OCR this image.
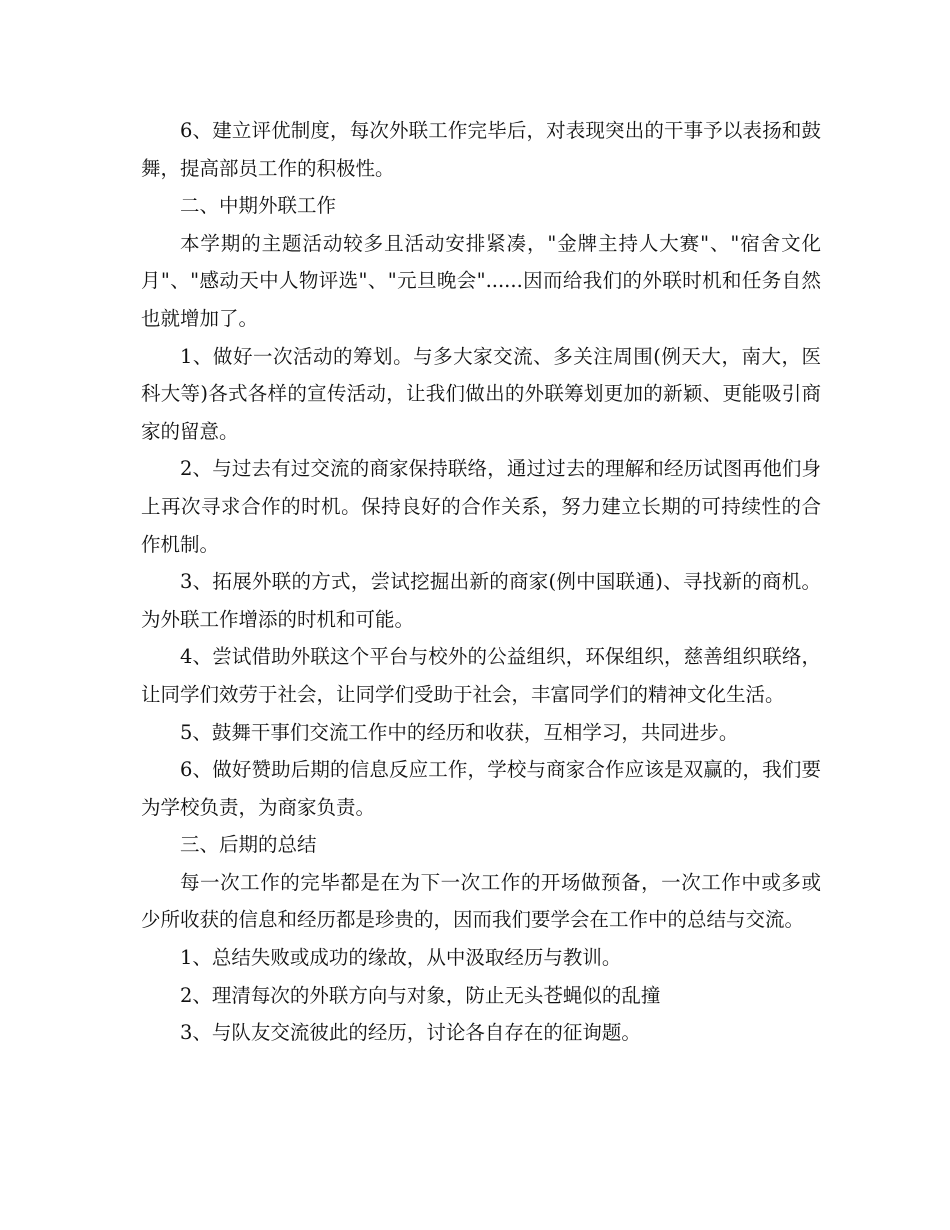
6、建立评优制度，每次外联工作完毕后，对表现突出的干事予以表扬和鼓舞，提高部员工作的积极性。

二、中期外联工作

本学期的主题活动较多且活动安排紧凑，"金牌主持人大赛"、"宿舍文化月"、"感动天中人物评选"、"元旦晚会"......因而给我们的外联时机和任务自然也就增加了。

1、做好一次活动的筹划。与多大家交流、多关注周围(例天大，南大，医科大等)各式各样的宣传活动，让我们做出的外联筹划更加的新颖、更能吸引商家的留意。

2、与过去有过交流的商家保持联络，通过过去的理解和经历试图再他们身上再次寻求合作的时机。保持良好的合作关系，努力建立长期的可持续性的合作机制。

3、拓展外联的方式，尝试挖掘出新的商家(例中国联通)、寻找新的商机。为外联工作增添的时机和可能。

4、尝试借助外联这个平台与校外的公益组织，环保组织，慈善组织联络，让同学们效劳于社会，让同学们受助于社会，丰富同学们的精神文化生活。

5、鼓舞干事们交流工作中的经历和收获，互相学习，共同进步。

6、做好赞助后期的信息反应工作，学校与商家合作应该是双赢的，我们要为学校负责，为商家负责。

三、后期的总结

每一次工作的完毕都是在为下一次工作的开场做预备，一次工作中或多或少所收获的信息和经历都是珍贵的，因而我们要学会在工作中的总结与交流。

1、总结失败或成功的缘故，从中汲取经历与教训。

2、理清每次的外联方向与对象，防止无头苍蝇似的乱撞

3、与队友交流彼此的经历，讨论各自存在的征询题。
